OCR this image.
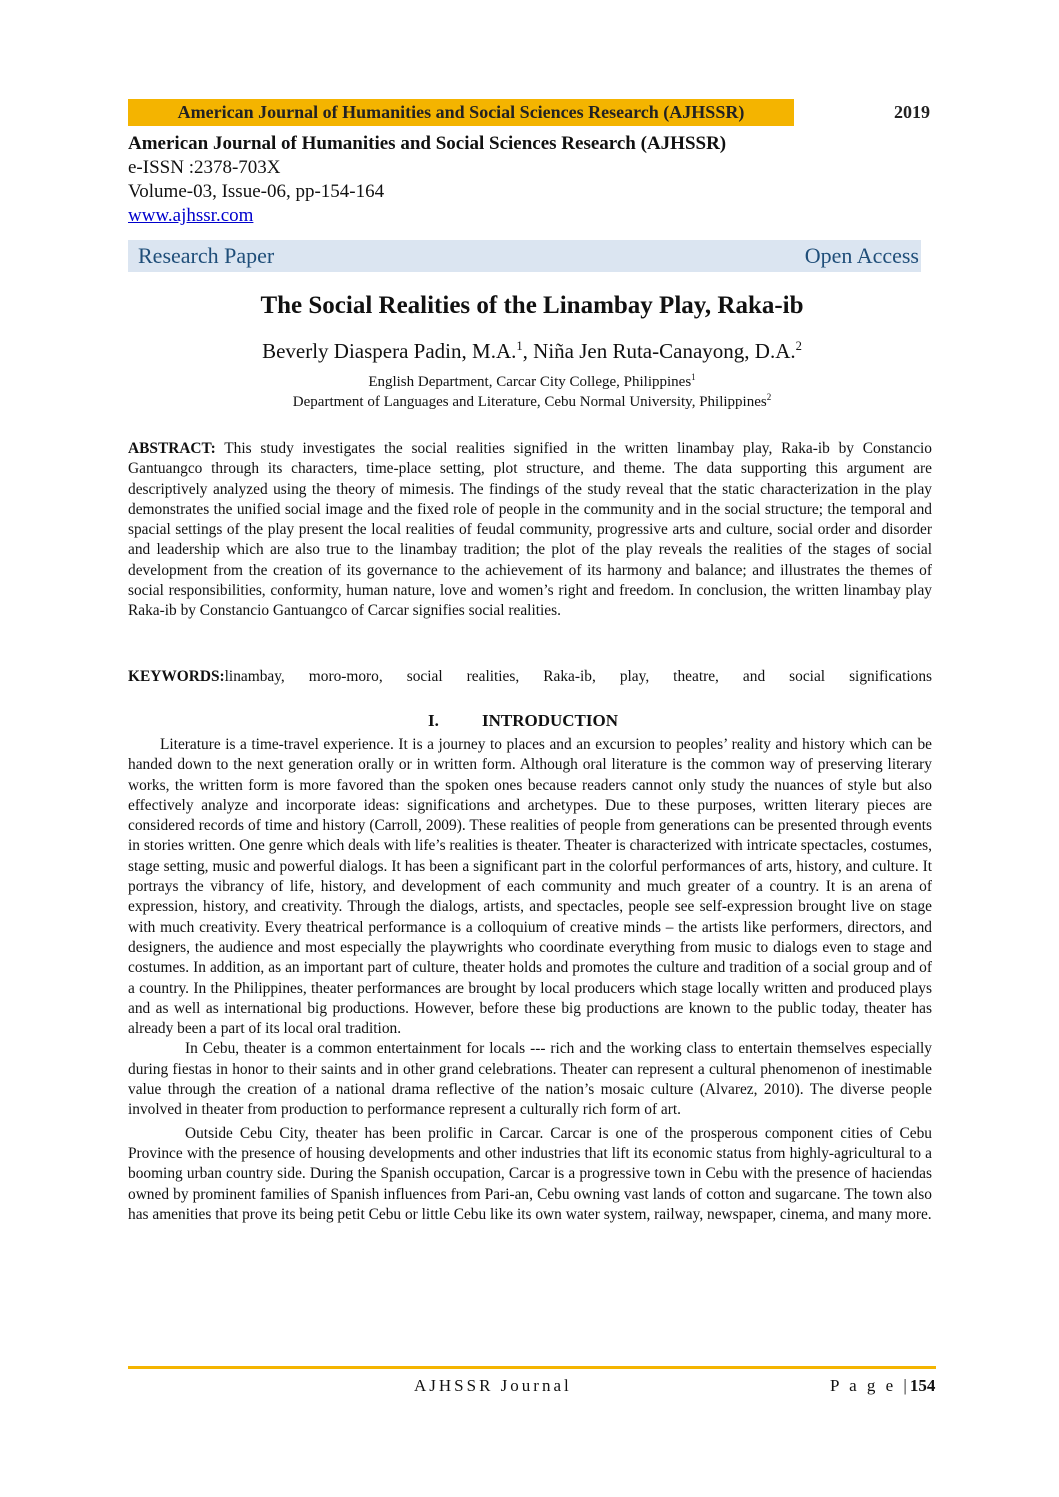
American Journal of Humanities and Social Sciences Research (AJHSSR)	2019
American Journal of Humanities and Social Sciences Research (AJHSSR)
e-ISSN :2378-703X
Volume-03, Issue-06, pp-154-164
www.ajhssr.com
Research Paper	Open Access
The Social Realities of the Linambay Play, Raka-ib
Beverly Diaspera Padin, M.A.$^1$, Niña Jen Ruta-Canayong, D.A.$^2$
English Department, Carcar City College, Philippines$^1$
Department of Languages and Literature, Cebu Normal University, Philippines$^2$
ABSTRACT: This study investigates the social realities signified in the written linambay play, Raka-ib by Constancio Gantuangco through its characters, time-place setting, plot structure, and theme. The data supporting this argument are descriptively analyzed using the theory of mimesis. The findings of the study reveal that the static characterization in the play demonstrates the unified social image and the fixed role of people in the community and in the social structure; the temporal and spacial settings of the play present the local realities of feudal community, progressive arts and culture, social order and disorder and leadership which are also true to the linambay tradition; the plot of the play reveals the realities of the stages of social development from the creation of its governance to the achievement of its harmony and balance; and illustrates the themes of social responsibilities, conformity, human nature, love and women’s right and freedom. In conclusion, the written linambay play Raka-ib by Constancio Gantuangco of Carcar signifies social realities.
KEYWORDS:linambay, moro-moro, social realities, Raka-ib, play, theatre, and social significations
I.	INTRODUCTION

Literature is a time-travel experience. It is a journey to places and an excursion to peoples’ reality and history which can be handed down to the next generation orally or in written form. Although oral literature is the common way of preserving literary works, the written form is more favored than the spoken ones because readers cannot only study the nuances of style but also effectively analyze and incorporate ideas: significations and archetypes. Due to these purposes, written literary pieces are considered records of time and history (Carroll, 2009). These realities of people from generations can be presented through events in stories written. One genre which deals with life’s realities is theater. Theater is characterized with intricate spectacles, costumes, stage setting, music and powerful dialogs. It has been a significant part in the colorful performances of arts, history, and culture. It portrays the vibrancy of life, history, and development of each community and much greater of a country. It is an arena of expression, history, and creativity. Through the dialogs, artists, and spectacles, people see self-expression brought live on stage with much creativity. Every theatrical performance is a colloquium of creative minds – the artists like performers, directors, and designers, the audience and most especially the playwrights who coordinate everything from music to dialogs even to stage and costumes. In addition, as an important part of culture, theater holds and promotes the culture and tradition of a social group and of a country. In the Philippines, theater performances are brought by local producers which stage locally written and produced plays and as well as international big productions. However, before these big productions are known to the public today, theater has already been a part of its local oral tradition.

In Cebu, theater is a common entertainment for locals --- rich and the working class to entertain themselves especially during fiestas in honor to their saints and in other grand celebrations. Theater can represent a cultural phenomenon of inestimable value through the creation of a national drama reflective of the nation’s mosaic culture (Alvarez, 2010). The diverse people involved in theater from production to performance represent a culturally rich form of art.

Outside Cebu City, theater has been prolific in Carcar. Carcar is one of the prosperous component cities of Cebu Province with the presence of housing developments and other industries that lift its economic status from highly-agricultural to a booming urban country side. During the Spanish occupation, Carcar is a progressive town in Cebu with the presence of haciendas owned by prominent families of Spanish influences from Pari-an, Cebu owning vast lands of cotton and sugarcane. The town also has amenities that prove its being petit Cebu or little Cebu like its own water system, railway, newspaper, cinema, and many more.

AJHSSR Journal	P a g e |154
